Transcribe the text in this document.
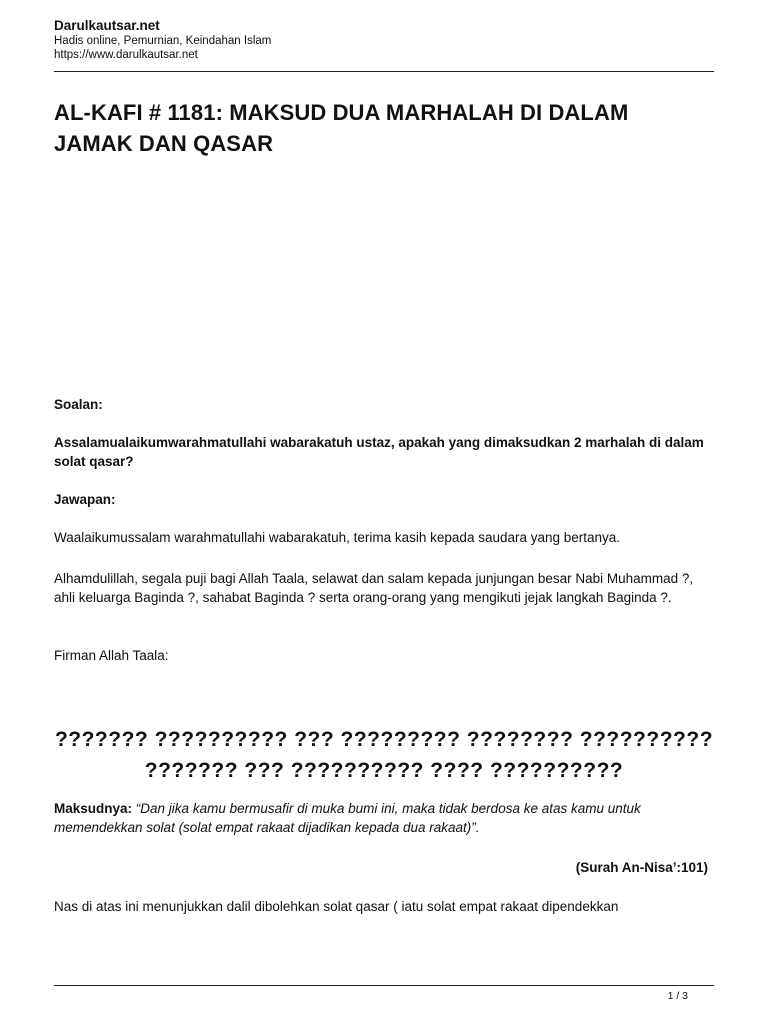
Darulkautsar.net
Hadis online, Pemurnian, Keindahan Islam
https://www.darulkautsar.net
AL-KAFI # 1181: MAKSUD DUA MARHALAH DI DALAM JAMAK DAN QASAR
Soalan:
Assalamualaikumwarahmatullahi wabarakatuh ustaz, apakah yang dimaksudkan 2 marhalah di dalam solat qasar?
Jawapan:
Waalaikumussalam warahmatullahi wabarakatuh, terima kasih kepada saudara yang bertanya.
Alhamdulillah, segala puji bagi Allah Taala, selawat dan salam kepada junjungan besar Nabi Muhammad ?, ahli keluarga Baginda ?, sahabat Baginda ? serta orang-orang yang mengikuti jejak langkah Baginda ?.
Firman Allah Taala:
??????? ?????????? ??? ????????? ???????? ?????????? ??????? ??? ?????????? ???? ??????????
Maksudnya: “Dan jika kamu bermusafir di muka bumi ini, maka tidak berdosa ke atas kamu untuk memendekkan solat (solat empat rakaat dijadikan kepada dua rakaat)”.
(Surah An-Nisa’:101)
Nas di atas ini menunjukkan dalil dibolehkan solat qasar ( iatu solat empat rakaat dipendekkan
1 / 3
